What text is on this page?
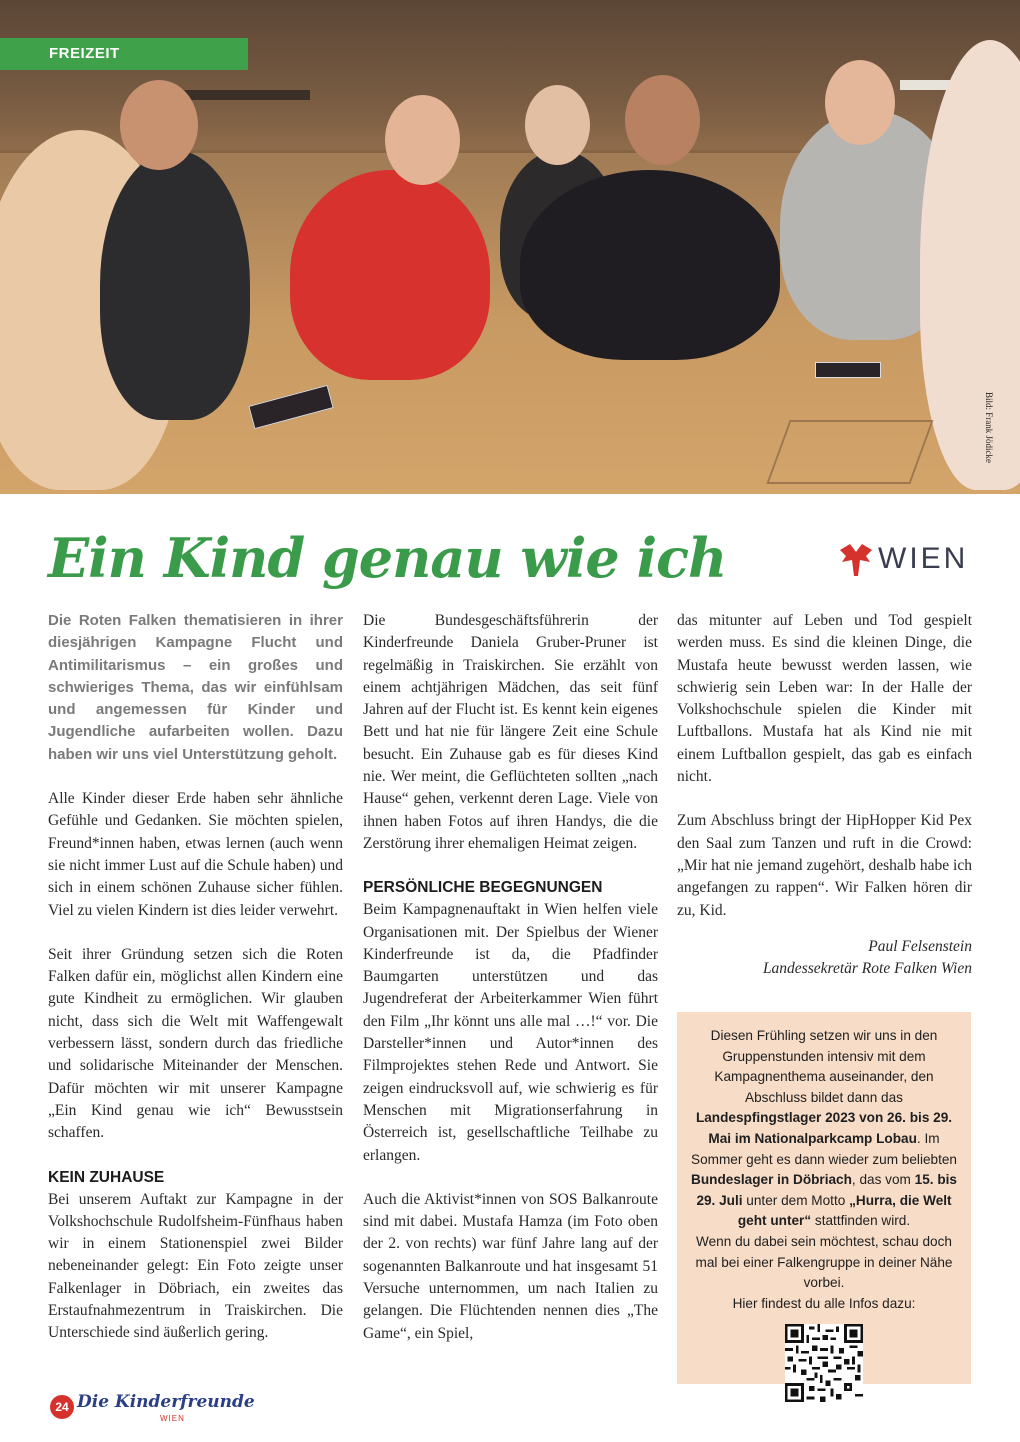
FREIZEIT
Bild: Frank Jödicke
Ein Kind genau wie ich	WIEN

Die Roten Falken thematisieren in ihrer diesjährigen Kampagne Flucht und Antimilitarismus – ein großes und schwieriges Thema, das wir einfühlsam und angemessen für Kinder und Jugendliche aufarbeiten wollen. Dazu haben wir uns viel Unterstützung geholt.

Alle Kinder dieser Erde haben sehr ähnliche Gefühle und Gedanken. Sie möchten spielen, Freund*innen haben, etwas lernen (auch wenn sie nicht immer Lust auf die Schule haben) und sich in einem schönen Zuhause sicher fühlen. Viel zu vielen Kindern ist dies leider verwehrt.

Seit ihrer Gründung setzen sich die Roten Falken dafür ein, möglichst allen Kindern eine gute Kindheit zu ermöglichen. Wir glauben nicht, dass sich die Welt mit Waffengewalt verbessern lässt, sondern durch das friedliche und solidarische Miteinander der Menschen. Dafür möchten wir mit unserer Kampagne „Ein Kind genau wie ich“ Bewusstsein schaffen.

KEIN ZUHAUSE

Bei unserem Auftakt zur Kampagne in der Volkshochschule Rudolfsheim-Fünfhaus haben wir in einem Stationenspiel zwei Bilder nebeneinander gelegt: Ein Foto zeigte unser Falkenlager in Döbriach, ein zweites das Erstaufnahmezentrum in Traiskirchen. Die Unterschiede sind äußerlich gering.

Die Bundesgeschäftsführerin der Kinderfreunde Daniela Gruber-Pruner ist regelmäßig in Traiskirchen. Sie erzählt von einem achtjährigen Mädchen, das seit fünf Jahren auf der Flucht ist. Es kennt kein eigenes Bett und hat nie für längere Zeit eine Schule besucht. Ein Zuhause gab es für dieses Kind nie. Wer meint, die Geflüchteten sollten „nach Hause“ gehen, verkennt deren Lage. Viele von ihnen haben Fotos auf ihren Handys, die die Zerstörung ihrer ehemaligen Heimat zeigen.

PERSÖNLICHE BEGEGNUNGEN

Beim Kampagnenauftakt in Wien helfen viele Organisationen mit. Der Spielbus der Wiener Kinderfreunde ist da, die Pfadfinder Baumgarten unterstützen und das Jugendreferat der Arbeiterkammer Wien führt den Film „Ihr könnt uns alle mal …!“ vor. Die Darsteller*innen und Autor*innen des Filmprojektes stehen Rede und Antwort. Sie zeigen eindrucksvoll auf, wie schwierig es für Menschen mit Migrationserfahrung in Österreich ist, gesellschaftliche Teilhabe zu erlangen.

Auch die Aktivist*innen von SOS Balkanroute sind mit dabei. Mustafa Hamza (im Foto oben der 2. von rechts) war fünf Jahre lang auf der sogenannten Balkanroute und hat insgesamt 51 Versuche unternommen, um nach Italien zu gelangen. Die Flüchtenden nennen dies „The Game“, ein Spiel,

das mitunter auf Leben und Tod gespielt werden muss. Es sind die kleinen Dinge, die Mustafa heute bewusst werden lassen, wie schwierig sein Leben war: In der Halle der Volkshochschule spielen die Kinder mit Luftballons. Mustafa hat als Kind nie mit einem Luftballon gespielt, das gab es einfach nicht.

Zum Abschluss bringt der HipHopper Kid Pex den Saal zum Tanzen und ruft in die Crowd: „Mir hat nie jemand zugehört, deshalb habe ich angefangen zu rappen“. Wir Falken hören dir zu, Kid.

Paul Felsenstein
Landessekretär Rote Falken Wien
Diesen Frühling setzen wir uns in den Gruppenstunden intensiv mit dem Kampagnenthema auseinander, den Abschluss bildet dann das Landespfingstlager 2023 von 26. bis 29. Mai im Nationalparkcamp Lobau. Im Sommer geht es dann wieder zum beliebten Bundeslager in Döbriach, das vom 15. bis 29. Juli unter dem Motto „Hurra, die Welt geht unter“ stattfinden wird.
Wenn du dabei sein möchtest, schau doch mal bei einer Falkengruppe in deiner Nähe vorbei.
Hier findest du alle Infos dazu:
24 Die Kinderfreunde
WIEN
